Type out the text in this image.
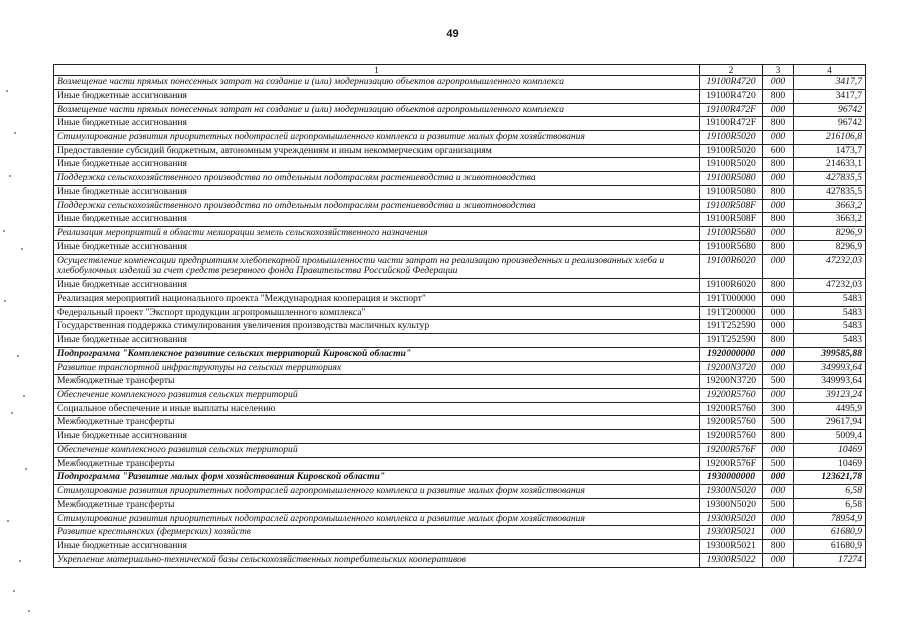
49
1	2	3	4
Возмещение части прямых понесенных затрат на создание и (или) модернизацию объектов агропромышленного комплекса	19100R4720	000	3417,7
Иные бюджетные ассигнования	19100R4720	800	3417,7
Возмещение части прямых понесенных затрат на создание и (или) модернизацию объектов агропромышленного комплекса	19100R472F	000	96742
Иные бюджетные ассигнования	19100R472F	800	96742
Стимулирование развития приоритетных подотраслей агропромышленного комплекса и развитие малых форм хозяйствования	19100R5020	000	216106,8
Предоставление субсидий бюджетным, автономным учреждениям и иным некоммерческим организациям	19100R5020	600	1473,7
Иные бюджетные ассигнования	19100R5020	800	214633,1
Поддержка сельскохозяйственного производства по отдельным подотраслям растениеводства и животноводства	19100R5080	000	427835,5
Иные бюджетные ассигнования	19100R5080	800	427835,5
Поддержка сельскохозяйственного производства по отдельным подотраслям растениеводства и животноводства	19100R508F	000	3663,2
Иные бюджетные ассигнования	19100R508F	800	3663,2
Реализация мероприятий в области мелиорации земель сельскохозяйственного назначения	19100R5680	000	8296,9
Иные бюджетные ассигнования	19100R5680	800	8296,9
Осуществление компенсации предприятиям хлебопекарной промышленности части затрат на реализацию произведенных и реализованных хлеба и хлебобулочных изделий за счет средств резервного фонда Правительства Российской Федерации	19100R6020	000	47232,03
Иные бюджетные ассигнования	19100R6020	800	47232,03
Реализация мероприятий национального проекта "Международная кооперация и экспорт"	191T000000	000	5483
Федеральный проект "Экспорт продукции агропромышленного комплекса"	191T200000	000	5483
Государственная поддержка стимулирования увеличения производства масличных культур	191T252590	000	5483
Иные бюджетные ассигнования	191T252590	800	5483
Подпрограмма "Комплексное развитие сельских территорий Кировской области"	1920000000	000	399585,88
Развитие транспортной инфраструктуры на сельских территориях	19200N3720	000	349993,64
Межбюджетные трансферты	19200N3720	500	349993,64
Обеспечение комплексного развития сельских территорий	19200R5760	000	39123,24
Социальное обеспечение и иные выплаты населению	19200R5760	300	4495,9
Межбюджетные трансферты	19200R5760	500	29617,94
Иные бюджетные ассигнования	19200R5760	800	5009,4
Обеспечение комплексного развития сельских территорий	19200R576F	000	10469
Межбюджетные трансферты	19200R576F	500	10469
Подпрограмма "Развитие малых форм хозяйствования Кировской области"	1930000000	000	123621,78
Стимулирование развития приоритетных подотраслей агропромышленного комплекса и развитие малых форм хозяйствования	19300N5020	000	6,58
Межбюджетные трансферты	19300N5020	500	6,58
Стимулирование развития приоритетных подотраслей агропромышленного комплекса и развитие малых форм хозяйствования	19300R5020	000	78954,9
Развитие крестьянских (фермерских) хозяйств	19300R5021	000	61680,9
Иные бюджетные ассигнования	19300R5021	800	61680,9
Укрепление материально-технической базы сельскохозяйственных потребительских кооперативов	19300R5022	000	17274
